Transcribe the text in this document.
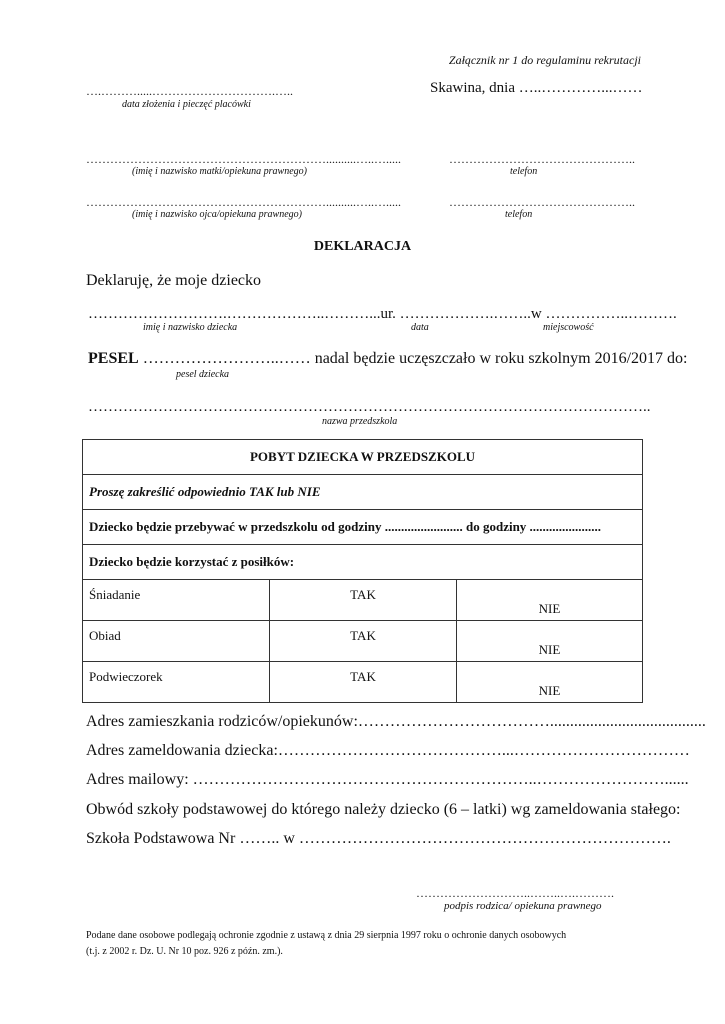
Załącznik nr 1 do regulaminu rekrutacji
….……….....………………………….…..
data złożenia i pieczęć placówki
Skawina, dnia …..…………...……
……………………………………………………..........…..….....
(imię i nazwisko matki/opiekuna prawnego)
………………………………………..
telefon
……………………………………………………..........…..….....
(imię i nazwisko ojca/opiekuna prawnego)
………………………………………..
telefon
DEKLARACJA
Deklaruję, że moje dziecko
……………………….………………..………...ur. ……………….……..w ……………..……….
imię i nazwisko dziecka	data	miejscowość
PESEL ……………………..…… nadal będzie uczęszczało w roku szkolnym 2016/2017 do:
pesel dziecka
…………………………………………………………………………………………………..
nazwa przedszkola
POBYT DZIECKA W PRZEDSZKOLU		
Proszę zakreślić odpowiednio TAK lub NIE		
Dziecko będzie przebywać w przedszkolu od godziny ........................ do godziny ......................		
Dziecko będzie korzystać z posiłków:		
Śniadanie	TAK	NIE
Obiad	TAK	NIE
Podwieczorek	TAK	NIE
Adres zamieszkania rodziców/opiekunów:……………………………….......................................
Adres zameldowania dziecka:……………………………………...……………………………
Adres mailowy: ………………………………………………………..……………………......
Obwód szkoły podstawowej do którego należy dziecko (6 – latki) wg zameldowania stałego:
Szkoła Podstawowa Nr …….. w …………………………………………………………….
………………………..……..….……….
podpis rodzica/ opiekuna prawnego
Podane dane osobowe podlegają ochronie zgodnie z ustawą z dnia 29 sierpnia 1997 roku o ochronie danych osobowych
(t.j. z 2002 r. Dz. U. Nr 10 poz. 926 z późn. zm.).
